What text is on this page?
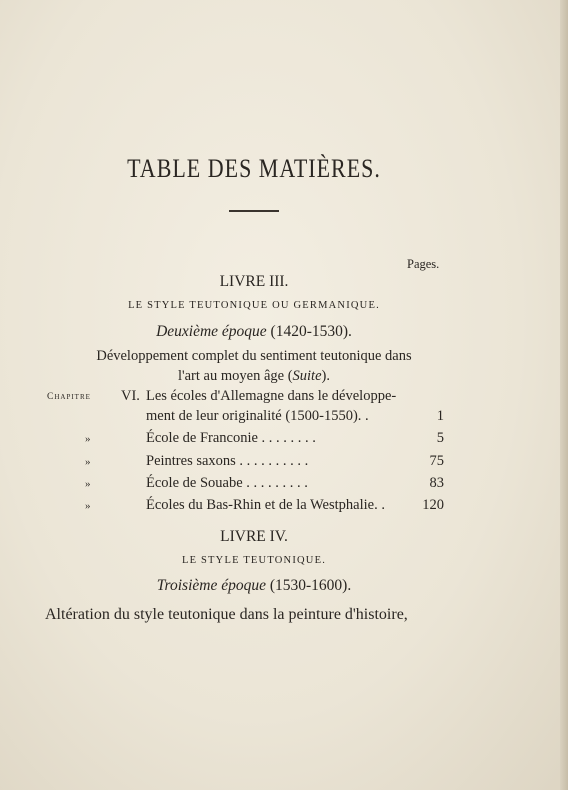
TABLE DES MATIÈRES.
Pages.
LIVRE III.
LE STYLE TEUTONIQUE OU GERMANIQUE.
Deuxième époque (1420-1530).
Développement complet du sentiment teutonique dans
l'art au moyen âge (Suite).
Chapitre VI. Les écoles d'Allemagne dans le développe-
ment de leur originalité (1500-1550). .	1
»	École de Franconie . . . . . . . .	5
»	Peintres saxons . . . . . . . . . .	75
»	École de Souabe . . . . . . . . .	83
»	Écoles du Bas-Rhin et de la Westphalie. .	120
LIVRE IV.
LE STYLE TEUTONIQUE.
Troisième époque (1530-1600).
Altération du style teutonique dans la peinture d'histoire,
